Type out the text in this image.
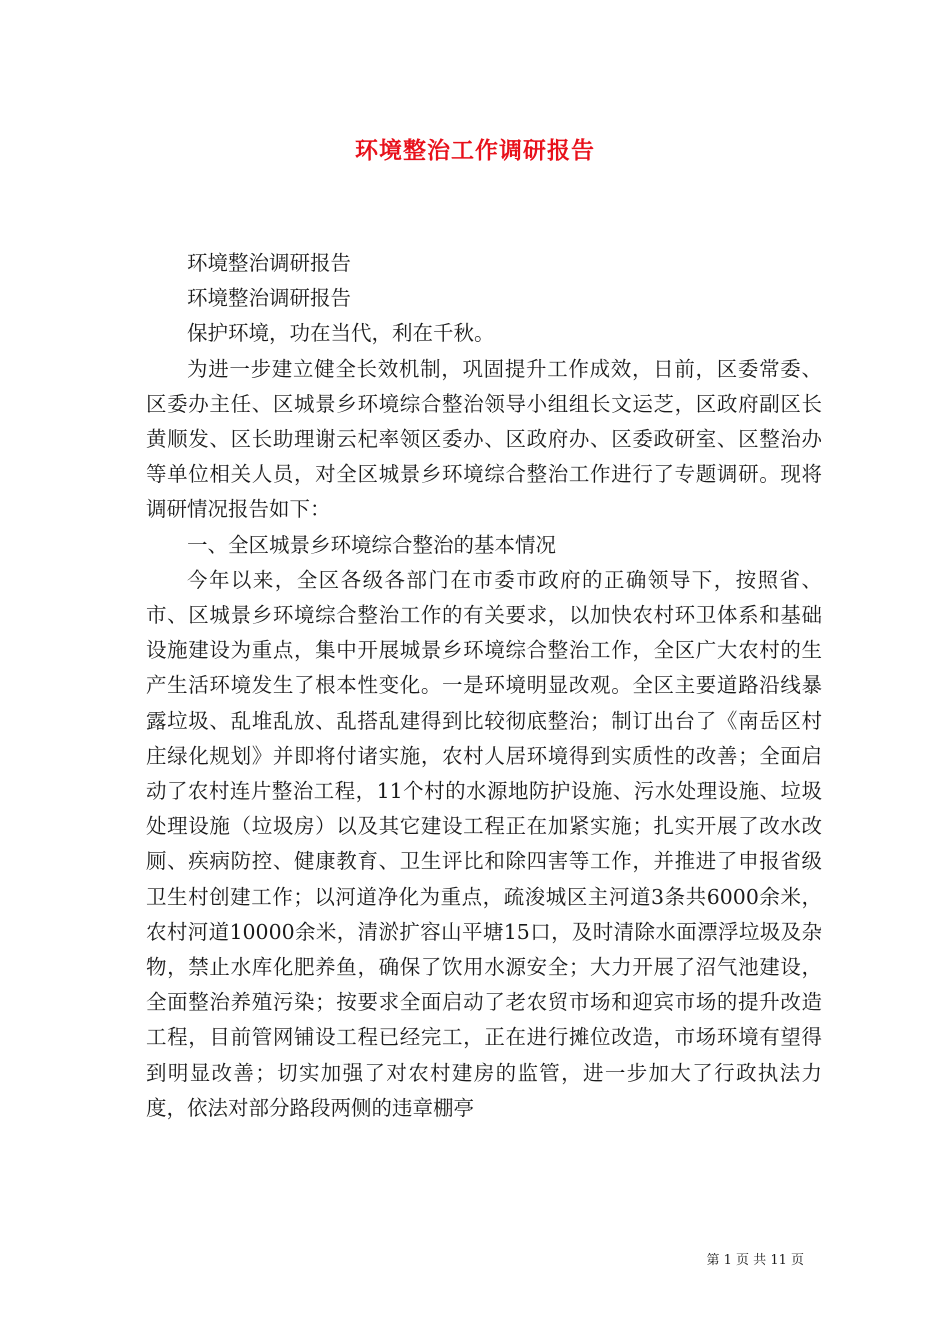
环境整治工作调研报告

环境整治调研报告

环境整治调研报告

保护环境，功在当代，利在千秋。

为进一步建立健全长效机制，巩固提升工作成效，日前，区委常委、区委办主任、区城景乡环境综合整治领导小组组长文运芝，区政府副区长黄顺发、区长助理谢云杞率领区委办、区政府办、区委政研室、区整治办等单位相关人员，对全区城景乡环境综合整治工作进行了专题调研。现将调研情况报告如下：

一、全区城景乡环境综合整治的基本情况

今年以来，全区各级各部门在市委市政府的正确领导下，按照省、市、区城景乡环境综合整治工作的有关要求，以加快农村环卫体系和基础设施建设为重点，集中开展城景乡环境综合整治工作，全区广大农村的生产生活环境发生了根本性变化。一是环境明显改观。全区主要道路沿线暴露垃圾、乱堆乱放、乱搭乱建得到比较彻底整治；制订出台了《南岳区村庄绿化规划》并即将付诸实施，农村人居环境得到实质性的改善；全面启动了农村连片整治工程，11个村的水源地防护设施、污水处理设施、垃圾处理设施（垃圾房）以及其它建设工程正在加紧实施；扎实开展了改水改厕、疾病防控、健康教育、卫生评比和除四害等工作，并推进了申报省级卫生村创建工作；以河道净化为重点，疏浚城区主河道3条共6000余米，农村河道10000余米，清淤扩容山平塘15口，及时清除水面漂浮垃圾及杂物，禁止水库化肥养鱼，确保了饮用水源安全；大力开展了沼气池建设，全面整治养殖污染；按要求全面启动了老农贸市场和迎宾市场的提升改造工程，目前管网铺设工程已经完工，正在进行摊位改造，市场环境有望得到明显改善；切实加强了对农村建房的监管，进一步加大了行政执法力度，依法对部分路段两侧的违章棚亭

第 1 页 共 11 页
